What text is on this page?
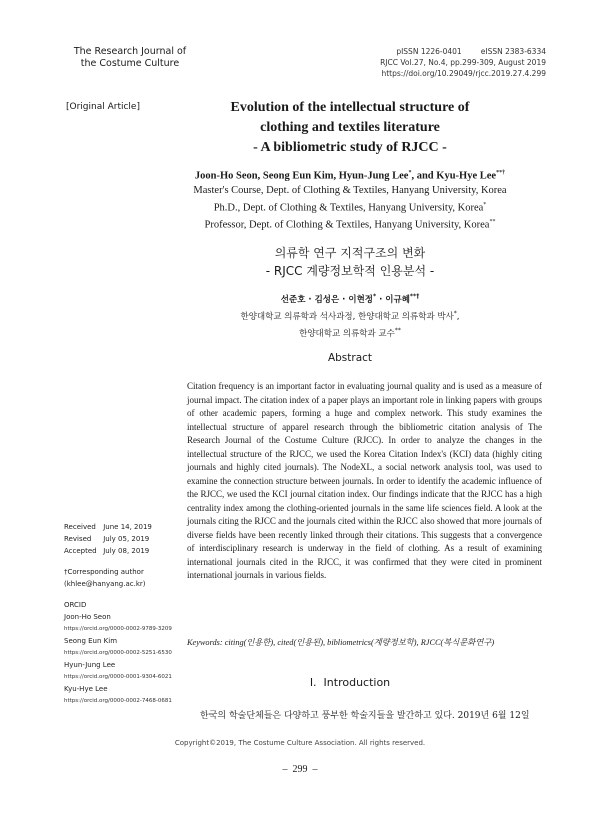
The Research Journal of
the Costume Culture
pISSN 1226-0401        eISSN 2383-6334
RJCC Vol.27, No.4, pp.299-309, August 2019
https://doi.org/10.29049/rjcc.2019.27.4.299
[Original Article]	Evolution of the intellectual structure of
clothing and textiles literature
- A bibliometric study of RJCC -
Joon-Ho Seon, Seong Eun Kim, Hyun-Jung Lee*, and Kyu-Hye Lee**†
Master's Course, Dept. of Clothing & Textiles, Hanyang University, Korea
Ph.D., Dept. of Clothing & Textiles, Hanyang University, Korea*
Professor, Dept. of Clothing & Textiles, Hanyang University, Korea**
의류학 연구 지적구조의 변화
- RJCC 계량정보학적 인용분석 -
선준호 · 김성은 · 이현정* · 이규혜**†
한양대학교 의류학과 석사과정, 한양대학교 의류학과 박사*,
한양대학교 의류학과 교수**
Abstract
Citation frequency is an important factor in evaluating journal quality and is used as a measure of journal impact. The citation index of a paper plays an important role in linking papers with groups of other academic papers, forming a huge and complex network. This study examines the intellectual structure of apparel research through the bibliometric citation analysis of The Research Journal of the Costume Culture (RJCC). In order to analyze the changes in the intellectual structure of the RJCC, we used the Korea Citation Index's (KCI) data (highly citing journals and highly cited journals). The NodeXL, a social network analysis tool, was used to examine the connection structure between journals. In order to identify the academic influence of the RJCC, we used the KCI journal citation index. Our findings indicate that the RJCC has a high centrality index among the clothing-oriented journals in the same life sciences field. A look at the journals citing the RJCC and the journals cited within the RJCC also showed that more journals of diverse fields have been recently linked through their citations. This suggests that a convergence of interdisciplinary research is underway in the field of clothing. As a result of examining international journals cited in the RJCC, it was confirmed that they were cited in prominent international journals in various fields.
Keywords: citing(인용한), cited(인용된), bibliometrics(계량정보학), RJCC(복식문화연구)
Received June 14, 2019
Revised July 05, 2019
Accepted July 08, 2019
†Corresponding author
(khlee@hanyang.ac.kr)
ORCID
Joon-Ho Seon
https://orcid.org/0000-0002-9789-3209
Seong Eun Kim
https://orcid.org/0000-0002-5251-6530
Hyun-Jung Lee
https://orcid.org/0000-0001-9304-6021
Kyu-Hye Lee
https://orcid.org/0000-0002-7468-0681
I.  Introduction
한국의 학술단체들은 다양하고 풍부한 학술지들을 발간하고 있다. 2019년 6월 12일
Copyright©2019, The Costume Culture Association. All rights reserved.
–  299  –
